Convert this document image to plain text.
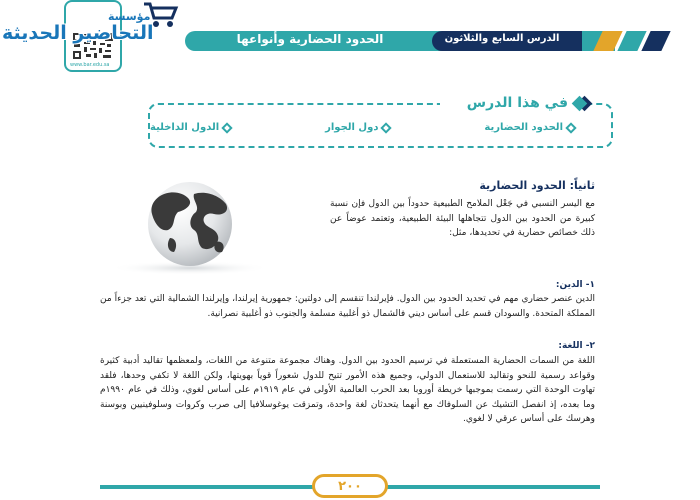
www.bar.edu.sa
مؤسسة
التحاضير الحديثة	الدرس السابع والثلاثون
الحدود الحضارية وأنواعها
في هذا الدرس
الحدود الحضارية
دول الجوار
الدول الداخلية
ثانياً: الحدود الحضارية
مع اليسر النسبي في جَعْل الملامح الطبيعية حدوداً بين الدول فإن نسبة كبيرة من الحدود بين الدول تتجاهلها البيئة الطبيعية، وتعتمد عوضاً عن ذلك خصائص حضارية في تحديدها، مثل:
١- الدين:
الدين عنصر حضاري مهم في تحديد الحدود بين الدول. فإيرلندا تنقسم إلى دولتين: جمهورية إيرلندا، وإيرلندا الشمالية التي تعد جزءاً من المملكة المتحدة. والسودان قسم على أساس ديني فالشمال ذو أغلبية مسلمة والجنوب ذو أغلبية نصرانية.
٢- اللغة:
اللغة من السمات الحضارية المستعملة في ترسيم الحدود بين الدول. وهناك مجموعة متنوعة من اللغات، ولمعظمها تقاليد أدبية كثيرة وقواعد رسمية للنحو وتقاليد للاستعمال الدولي، وجميع هذه الأمور تتيح للدول شعوراً قوياً بهويتها، ولكن اللغة لا تكفي وحدها، فلقد تهاوت الوحدة التي رسمت بموجبها خريطة أوروبا بعد الحرب العالمية الأولى في عام ١٩١٩م على أساس لغوي، وذلك في عام ١٩٩٠م وما بعده، إذ انفصل التشيك عن السلوفاك مع أنهما يتحدثان لغة واحدة، وتمزقت يوغوسلافيا إلى صرب وكروات وسلوفينيين وبوسنة وهرسك على أساس عرقي لا لغوي.
٢٠٠
